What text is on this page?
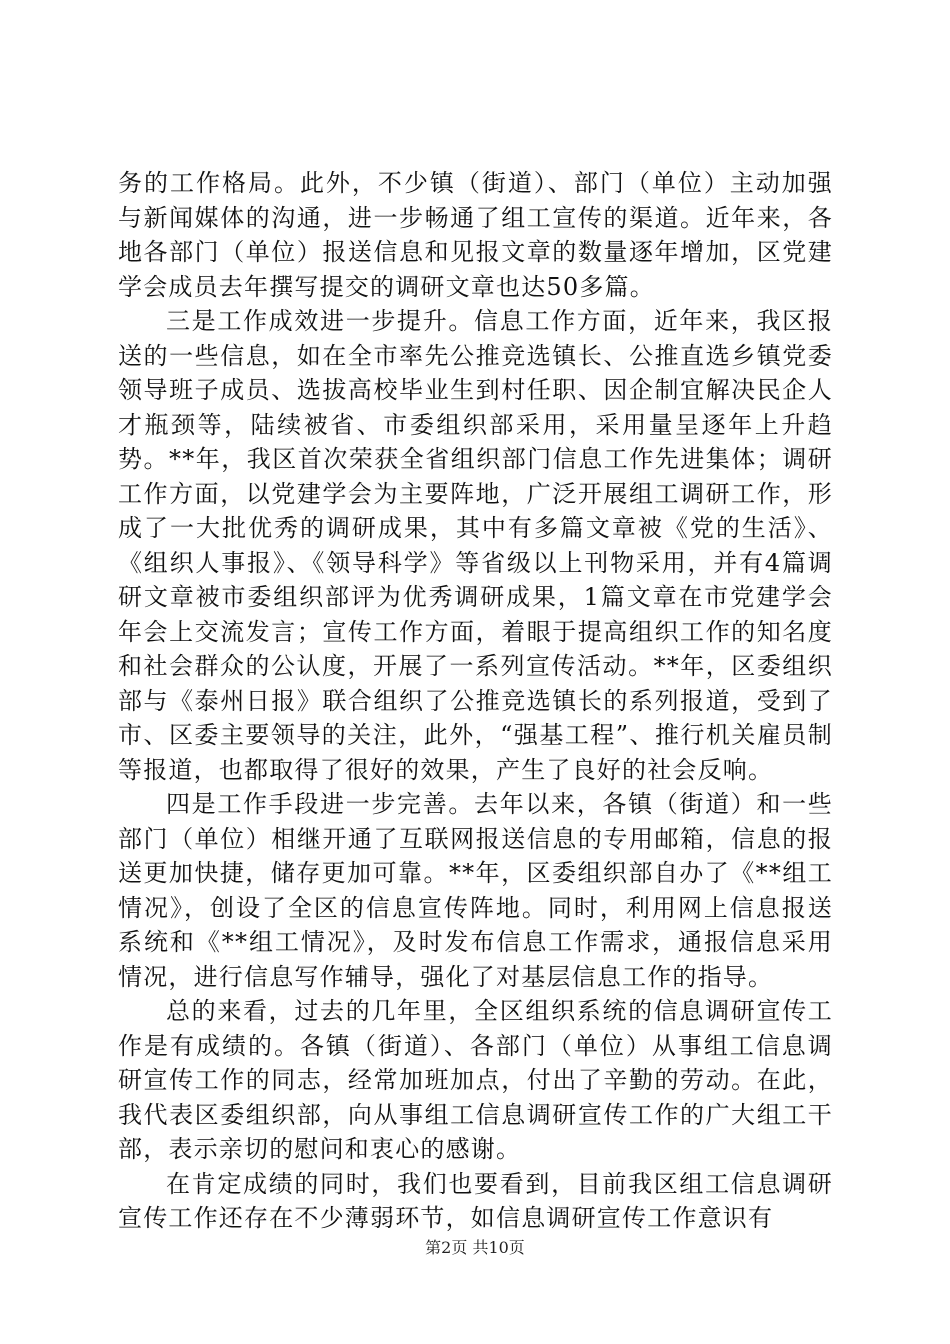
务的工作格局。此外，不少镇（街道）、部门（单位）主动加强与新闻媒体的沟通，进一步畅通了组工宣传的渠道。近年来，各地各部门（单位）报送信息和见报文章的数量逐年增加，区党建学会成员去年撰写提交的调研文章也达50多篇。

三是工作成效进一步提升。信息工作方面，近年来，我区报送的一些信息，如在全市率先公推竞选镇长、公推直选乡镇党委领导班子成员、选拔高校毕业生到村任职、因企制宜解决民企人才瓶颈等，陆续被省、市委组织部采用，采用量呈逐年上升趋势。**年，我区首次荣获全省组织部门信息工作先进集体；调研工作方面，以党建学会为主要阵地，广泛开展组工调研工作，形成了一大批优秀的调研成果，其中有多篇文章被《党的生活》、《组织人事报》、《领导科学》等省级以上刊物采用，并有4篇调研文章被市委组织部评为优秀调研成果，1篇文章在市党建学会年会上交流发言；宣传工作方面，着眼于提高组织工作的知名度和社会群众的公认度，开展了一系列宣传活动。**年，区委组织部与《泰州日报》联合组织了公推竞选镇长的系列报道，受到了市、区委主要领导的关注，此外，“强基工程”、推行机关雇员制等报道，也都取得了很好的效果，产生了良好的社会反响。

四是工作手段进一步完善。去年以来，各镇（街道）和一些部门（单位）相继开通了互联网报送信息的专用邮箱，信息的报送更加快捷，储存更加可靠。**年，区委组织部自办了《**组工情况》，创设了全区的信息宣传阵地。同时，利用网上信息报送系统和《**组工情况》，及时发布信息工作需求，通报信息采用情况，进行信息写作辅导，强化了对基层信息工作的指导。

总的来看，过去的几年里，全区组织系统的信息调研宣传工作是有成绩的。各镇（街道）、各部门（单位）从事组工信息调研宣传工作的同志，经常加班加点，付出了辛勤的劳动。在此，我代表区委组织部，向从事组工信息调研宣传工作的广大组工干部，表示亲切的慰问和衷心的感谢。

在肯定成绩的同时，我们也要看到，目前我区组工信息调研宣传工作还存在不少薄弱环节，如信息调研宣传工作意识有

第2页 共10页
